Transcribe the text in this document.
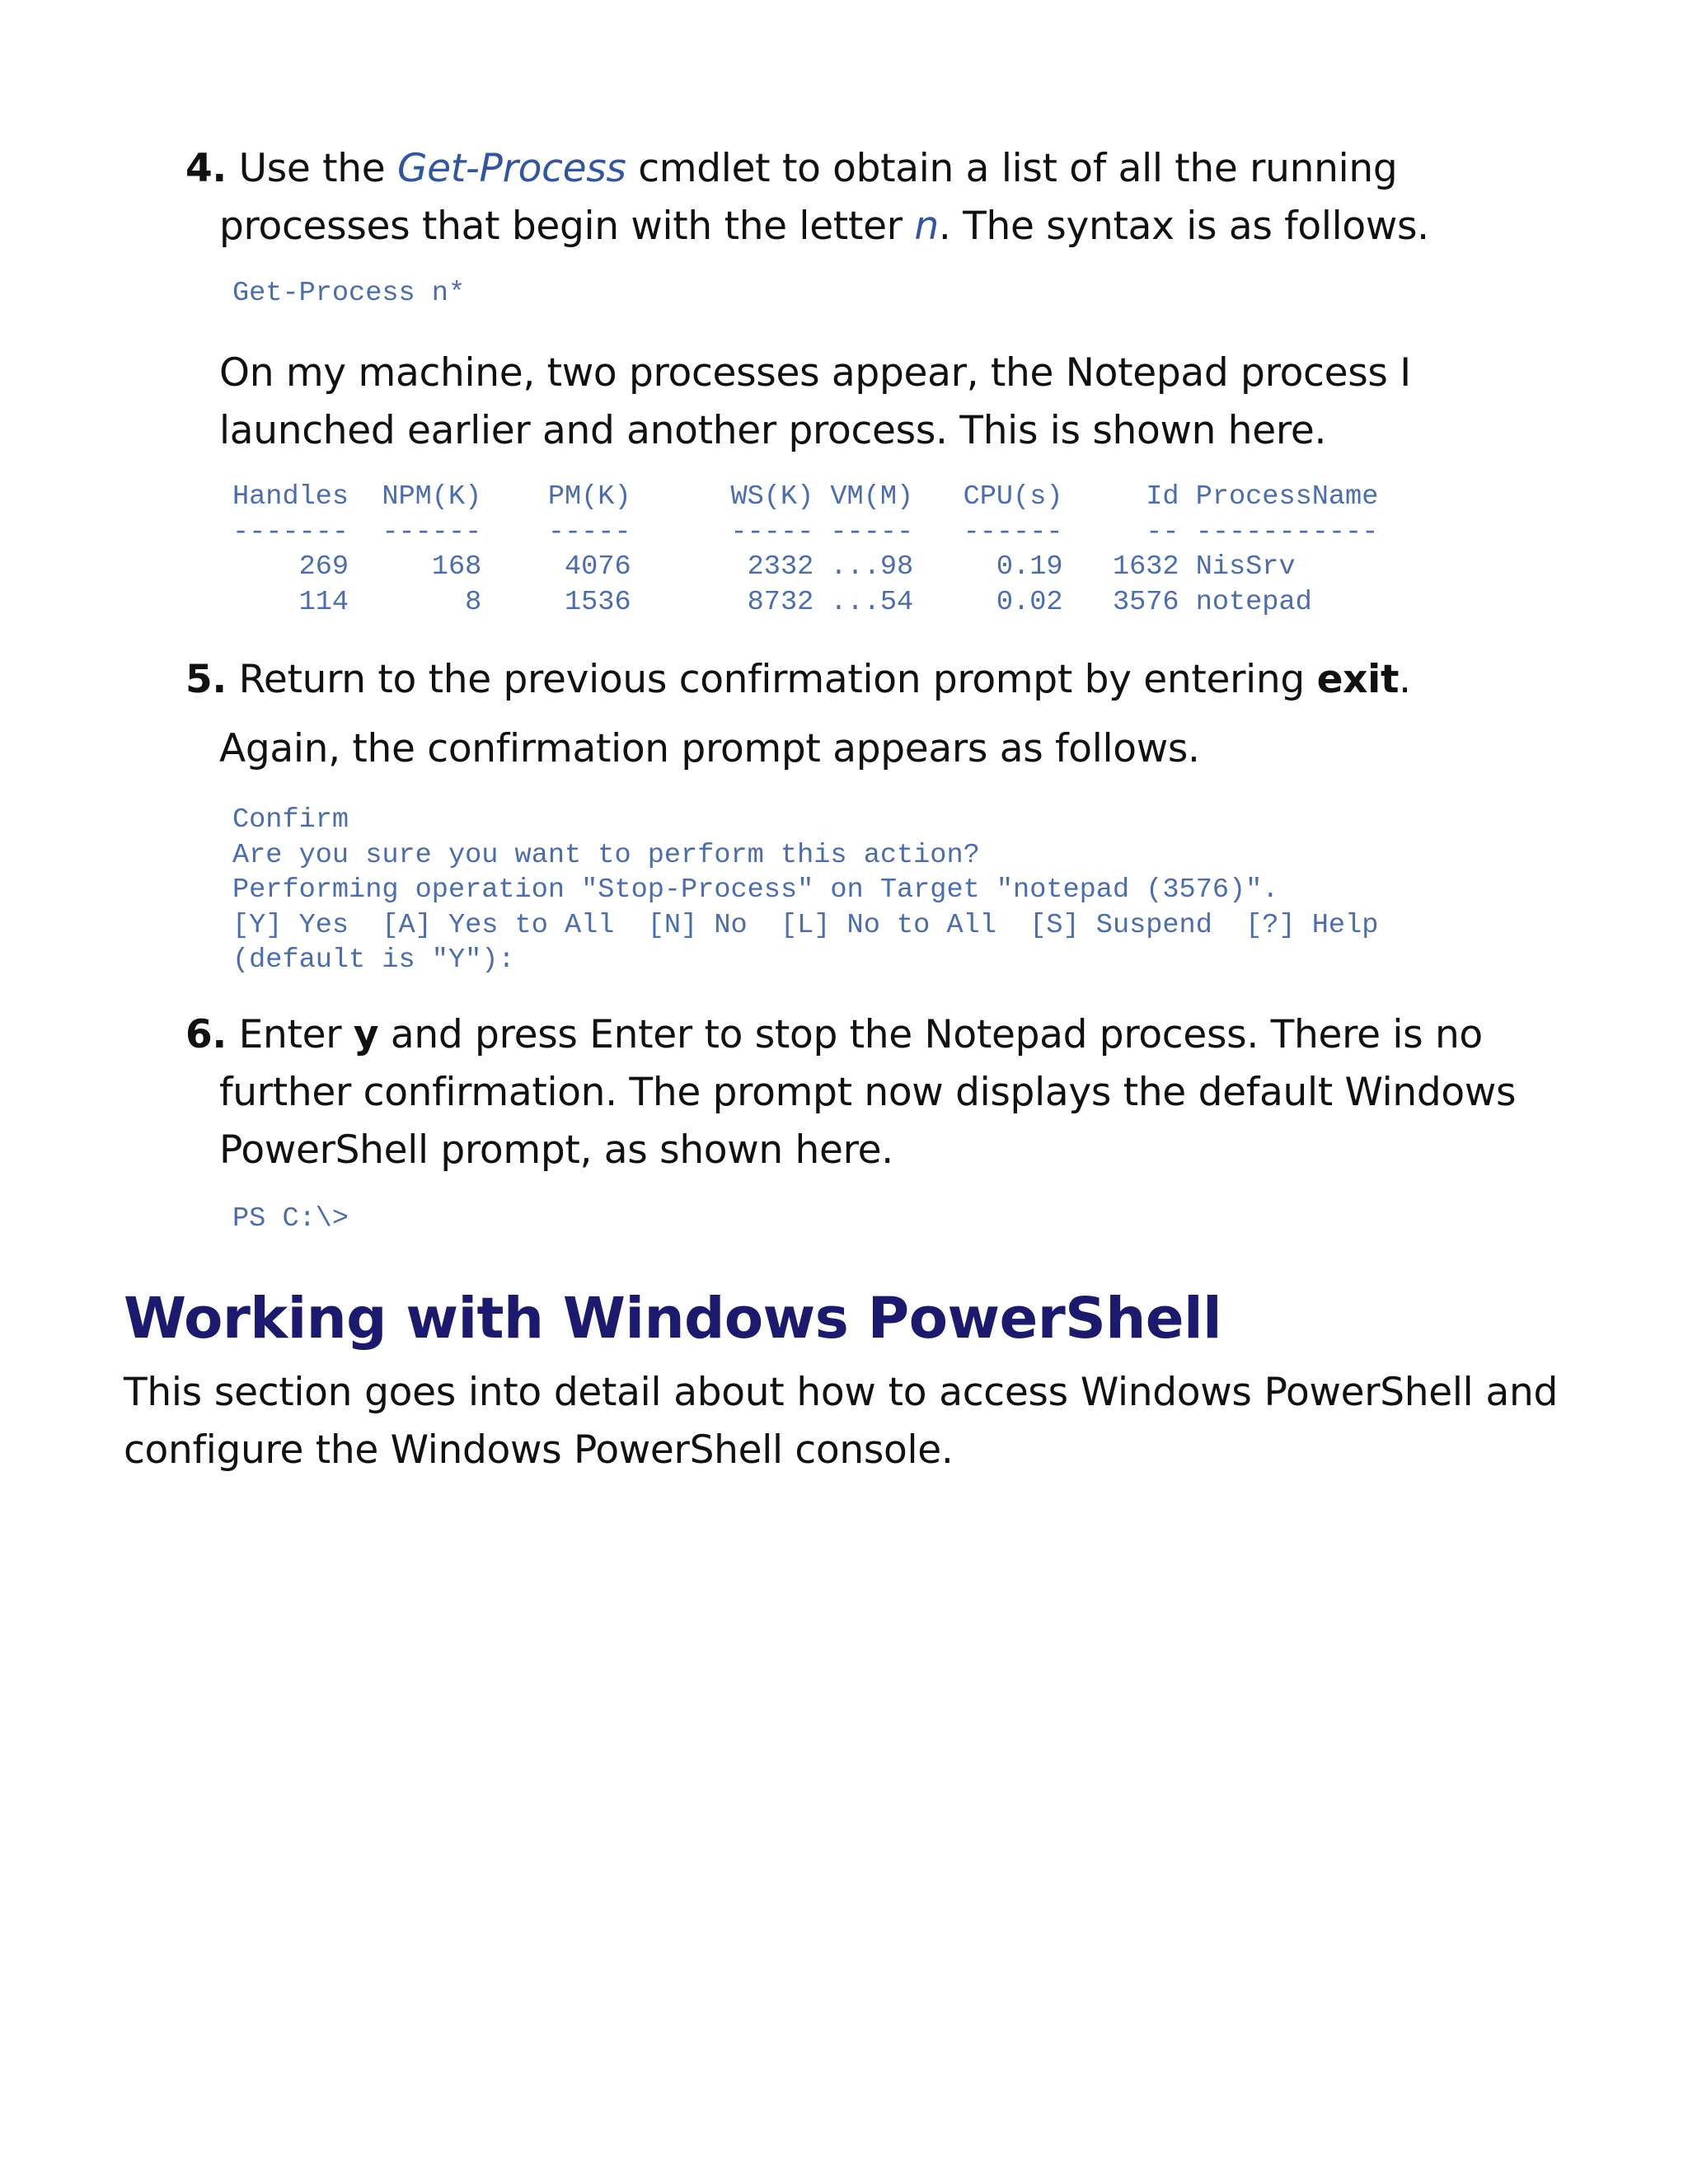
4. Use the Get-Process cmdlet to obtain a list of all the running processes that begin with the letter n. The syntax is as follows.
Get-Process n*
On my machine, two processes appear, the Notepad process I launched earlier and another process. This is shown here.
Handles  NPM(K)    PM(K)      WS(K) VM(M)   CPU(s)     Id ProcessName
-------  ------    -----      ----- -----   ------     -- -----------
269     168     4076       2332 ...98     0.19   1632 NisSrv
114       8     1536       8732 ...54     0.02   3576 notepad
5. Return to the previous confirmation prompt by entering exit.
Again, the confirmation prompt appears as follows.
Confirm
Are you sure you want to perform this action?
Performing operation "Stop-Process" on Target "notepad (3576)".
[Y] Yes  [A] Yes to All  [N] No  [L] No to All  [S] Suspend  [?] Help
(default is "Y"):
6. Enter y and press Enter to stop the Notepad process. There is no further confirmation. The prompt now displays the default Windows PowerShell prompt, as shown here.
PS C:\>
Working with Windows PowerShell
This section goes into detail about how to access Windows PowerShell and configure the Windows PowerShell console.
